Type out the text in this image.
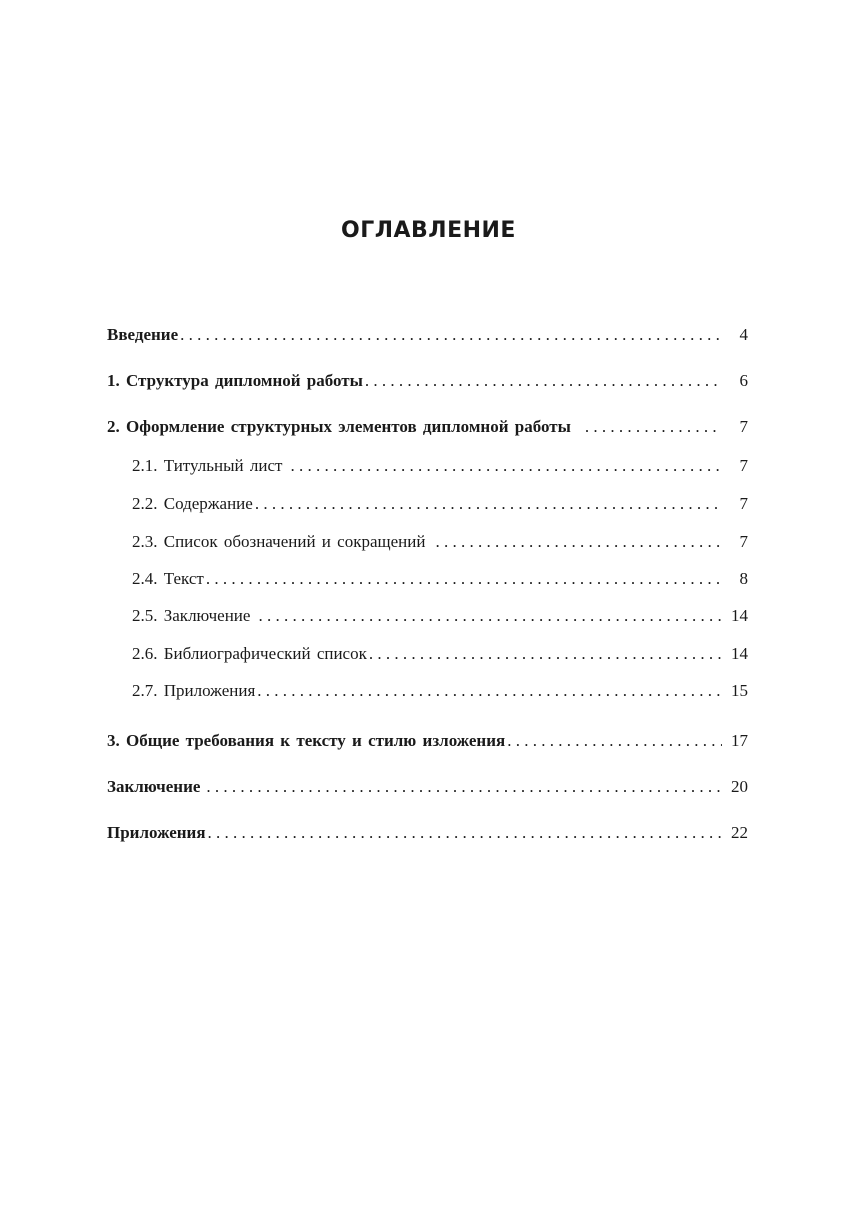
ОГЛАВЛЕНИЕ
Введение . . .	4
1. Структура дипломной работы . . .	6
2. Оформление структурных элементов дипломной работы . . .	7
2.1. Титульный лист . . .	7
2.2. Содержание . . .	7
2.3. Список обозначений и сокращений . . .	7
2.4. Текст . . .	8
2.5. Заключение . . .	14
2.6. Библиографический список . . .	14
2.7. Приложения . . .	15
3. Общие требования к тексту и стилю изложения . . .	17
Заключение . . .	20
Приложения . . .	22
